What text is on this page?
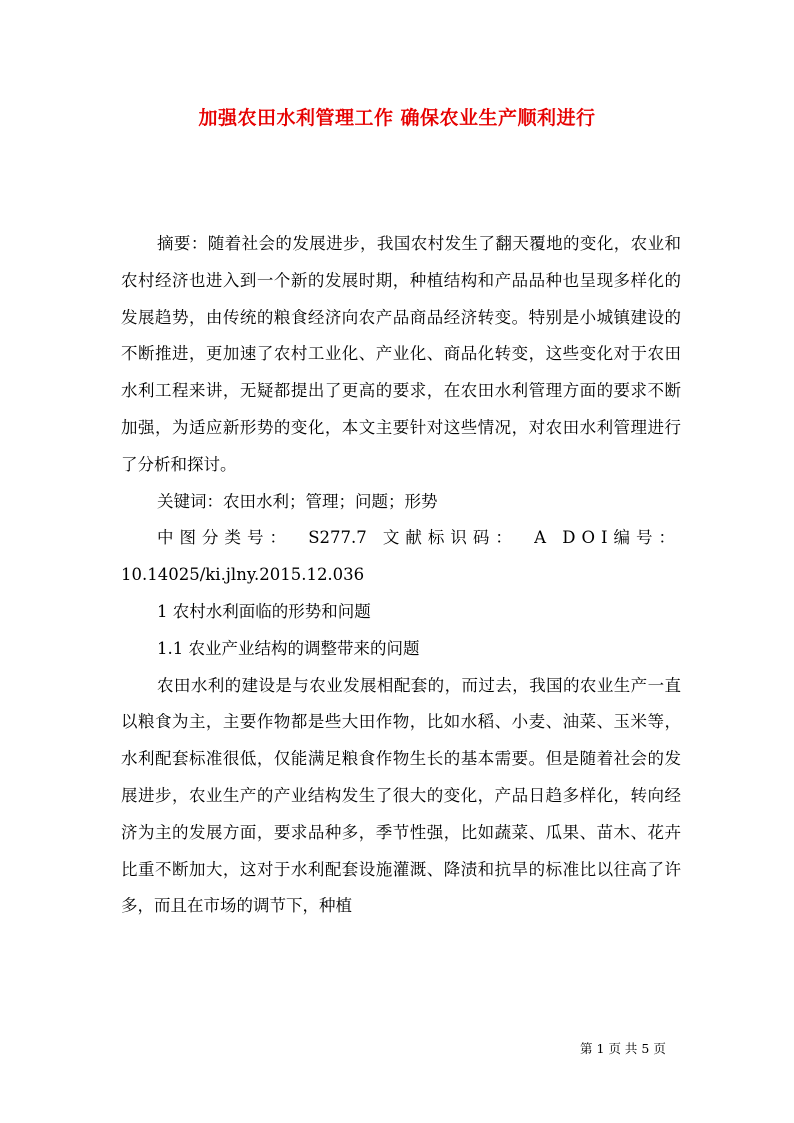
加强农田水利管理工作 确保农业生产顺利进行

摘要：随着社会的发展进步，我国农村发生了翻天覆地的变化，农业和农村经济也进入到一个新的发展时期，种植结构和产品品种也呈现多样化的发展趋势，由传统的粮食经济向农产品商品经济转变。特别是小城镇建设的不断推进，更加速了农村工业化、产业化、商品化转变，这些变化对于农田水利工程来讲，无疑都提出了更高的要求，在农田水利管理方面的要求不断加强，为适应新形势的变化，本文主要针对这些情况，对农田水利管理进行了分析和探讨。

关键词：农田水利；管理；问题；形势

中图分类号： S277.7 文献标识码： A DOI编号：

10.14025/ki.jlny.2015.12.036

1 农村水利面临的形势和问题

1.1 农业产业结构的调整带来的问题

农田水利的建设是与农业发展相配套的，而过去，我国的农业生产一直以粮食为主，主要作物都是些大田作物，比如水稻、小麦、油菜、玉米等，水利配套标准很低，仅能满足粮食作物生长的基本需要。但是随着社会的发展进步，农业生产的产业结构发生了很大的变化，产品日趋多样化，转向经济为主的发展方面，要求品种多，季节性强，比如蔬菜、瓜果、苗木、花卉比重不断加大，这对于水利配套设施灌溉、降渍和抗旱的标准比以往高了许多，而且在市场的调节下，种植

第 1 页 共 5 页
